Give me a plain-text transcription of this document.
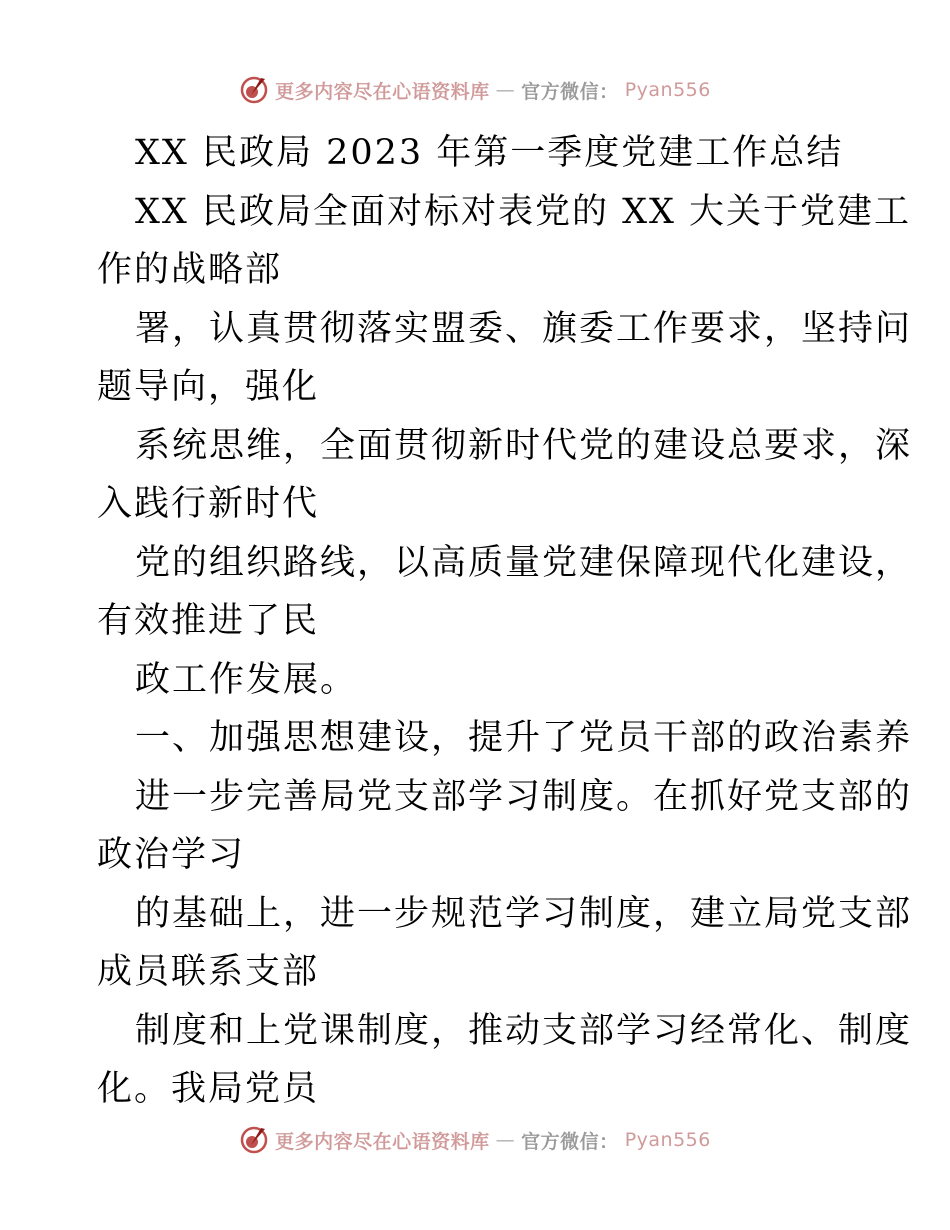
更多内容尽在心语资料库 — 官方微信： Pyan556
XX 民政局 2023 年第一季度党建工作总结
XX 民政局全面对标对表党的 XX 大关于党建工
作的战略部
署，认真贯彻落实盟委、旗委工作要求，坚持问
题导向，强化
系统思维，全面贯彻新时代党的建设总要求，深
入践行新时代
党的组织路线，以高质量党建保障现代化建设，
有效推进了民
政工作发展。
一、加强思想建设，提升了党员干部的政治素养
进一步完善局党支部学习制度。在抓好党支部的
政治学习
的基础上，进一步规范学习制度，建立局党支部
成员联系支部
制度和上党课制度，推动支部学习经常化、制度
化。我局党员
更多内容尽在心语资料库 — 官方微信： Pyan556
